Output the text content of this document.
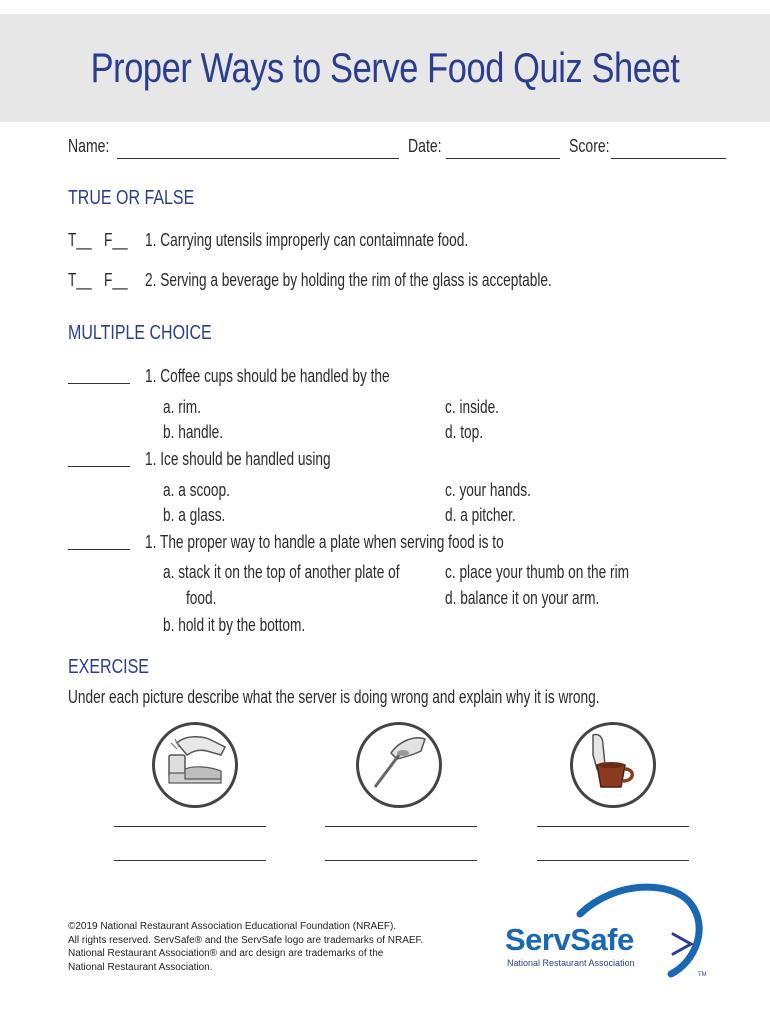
Proper Ways to Serve Food Quiz Sheet
Name:	Date:	Score:
TRUE OR FALSE
T__ F__ 1. Carrying utensils improperly can contaimnate food.
T__ F__ 2. Serving a beverage by holding the rim of the glass is acceptable.
MULTIPLE CHOICE
1. Coffee cups should be handled by the
a. rim.
b. handle.
c. inside.
d. top.
1. Ice should be handled using
a. a scoop.
b. a glass.
c. your hands.
d. a pitcher.
1. The proper way to handle a plate when serving food is to
a. stack it on the top of another plate of
food.
b. hold it by the bottom.
c. place your thumb on the rim
d. balance it on your arm.
EXERCISE
Under each picture describe what the server is doing wrong and explain why it is wrong.
©2019 National Restaurant Association Educational Foundation (NRAEF).
All rights reserved. ServSafe® and the ServSafe logo are trademarks of NRAEF.
National Restaurant Association® and arc design are trademarks of the
National Restaurant Association.
ServSafe
National Restaurant Association
TM
